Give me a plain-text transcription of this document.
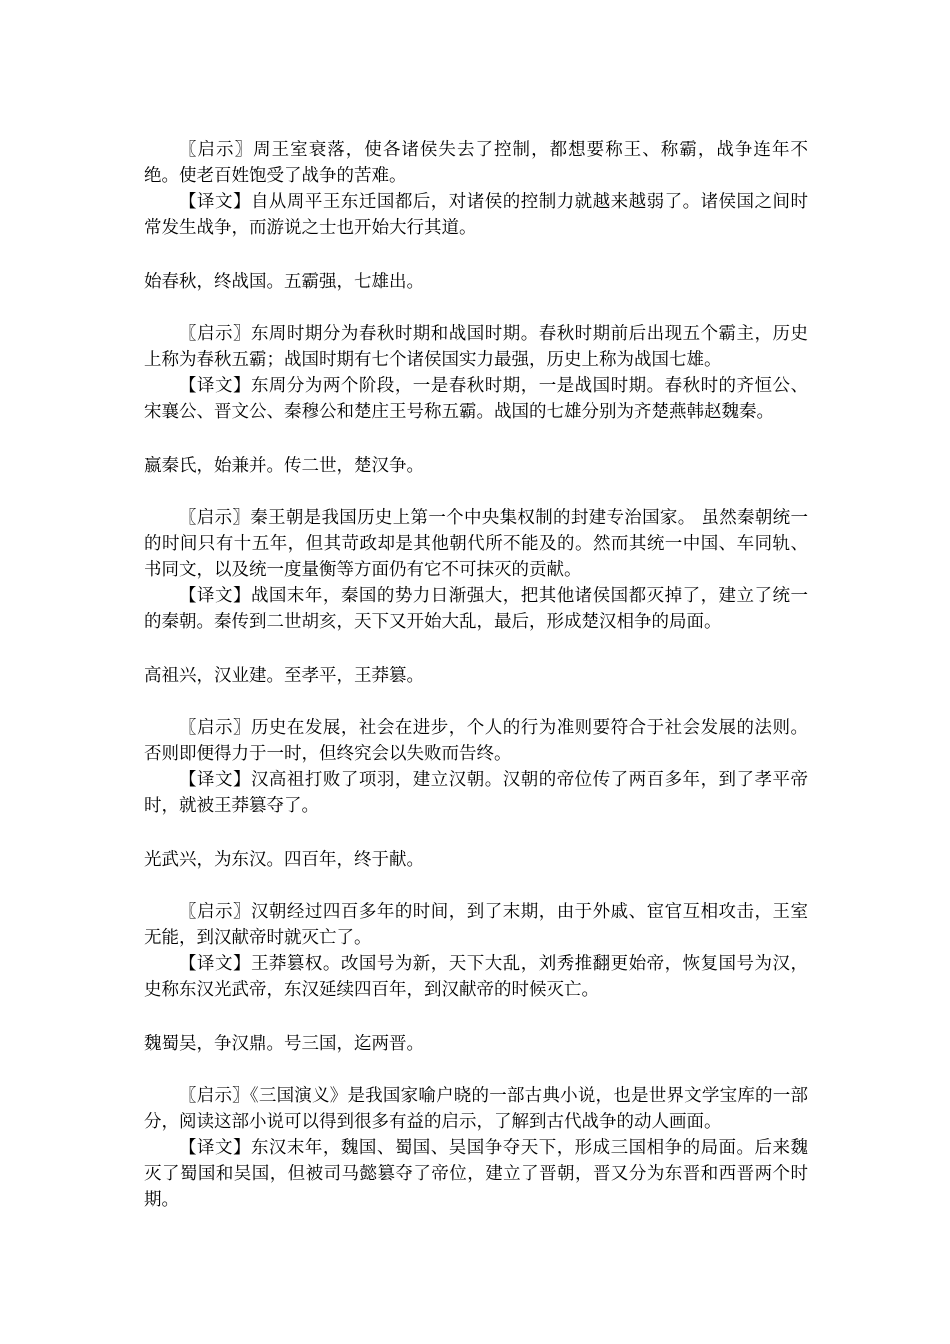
〖启示〗周王室衰落，使各诸侯失去了控制，都想要称王、称霸，战争连年不绝。使老百姓饱受了战争的苦难。

【译文】自从周平王东迁国都后，对诸侯的控制力就越来越弱了。诸侯国之间时常发生战争，而游说之士也开始大行其道。

始春秋，终战国。五霸强，七雄出。

〖启示〗东周时期分为春秋时期和战国时期。春秋时期前后出现五个霸主，历史上称为春秋五霸；战国时期有七个诸侯国实力最强，历史上称为战国七雄。

【译文】东周分为两个阶段，一是春秋时期，一是战国时期。春秋时的齐恒公、宋襄公、晋文公、秦穆公和楚庄王号称五霸。战国的七雄分别为齐楚燕韩赵魏秦。

嬴秦氏，始兼并。传二世，楚汉争。

〖启示〗秦王朝是我国历史上第一个中央集权制的封建专治国家。 虽然秦朝统一的时间只有十五年，但其苛政却是其他朝代所不能及的。然而其统一中国、车同轨、书同文，以及统一度量衡等方面仍有它不可抹灭的贡献。

【译文】战国末年，秦国的势力日渐强大，把其他诸侯国都灭掉了，建立了统一的秦朝。秦传到二世胡亥，天下又开始大乱，最后，形成楚汉相争的局面。

高祖兴，汉业建。至孝平，王莽篡。

〖启示〗历史在发展，社会在进步，个人的行为准则要符合于社会发展的法则。否则即便得力于一时，但终究会以失败而告终。

【译文】汉高祖打败了项羽，建立汉朝。汉朝的帝位传了两百多年，到了孝平帝时，就被王莽篡夺了。

光武兴，为东汉。四百年，终于献。

〖启示〗汉朝经过四百多年的时间，到了末期，由于外戚、宦官互相攻击，王室无能，到汉献帝时就灭亡了。

【译文】王莽篡权。改国号为新，天下大乱，刘秀推翻更始帝，恢复国号为汉，史称东汉光武帝，东汉延续四百年，到汉献帝的时候灭亡。

魏蜀吴，争汉鼎。号三国，迄两晋。

〖启示〗《三国演义》是我国家喻户晓的一部古典小说，也是世界文学宝库的一部分，阅读这部小说可以得到很多有益的启示，了解到古代战争的动人画面。

【译文】东汉末年，魏国、蜀国、吴国争夺天下，形成三国相争的局面。后来魏灭了蜀国和吴国，但被司马懿篡夺了帝位，建立了晋朝，晋又分为东晋和西晋两个时期。
